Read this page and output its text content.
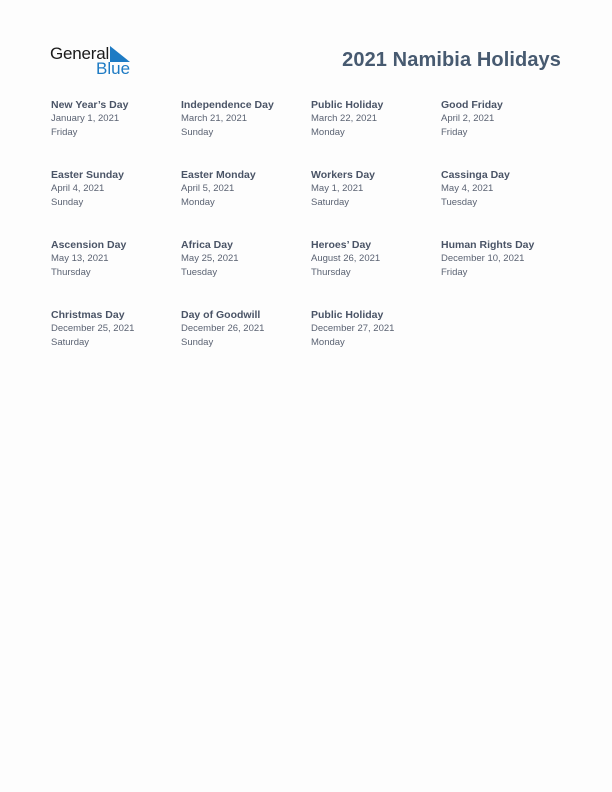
General
Blue	2021 Namibia Holidays
New Year’s Day
January 1, 2021
Friday
Independence Day
March 21, 2021
Sunday
Public Holiday
March 22, 2021
Monday
Good Friday
April 2, 2021
Friday
Easter Sunday
April 4, 2021
Sunday
Easter Monday
April 5, 2021
Monday
Workers Day
May 1, 2021
Saturday
Cassinga Day
May 4, 2021
Tuesday
Ascension Day
May 13, 2021
Thursday
Africa Day
May 25, 2021
Tuesday
Heroes’ Day
August 26, 2021
Thursday
Human Rights Day
December 10, 2021
Friday
Christmas Day
December 25, 2021
Saturday
Day of Goodwill
December 26, 2021
Sunday
Public Holiday
December 27, 2021
Monday
